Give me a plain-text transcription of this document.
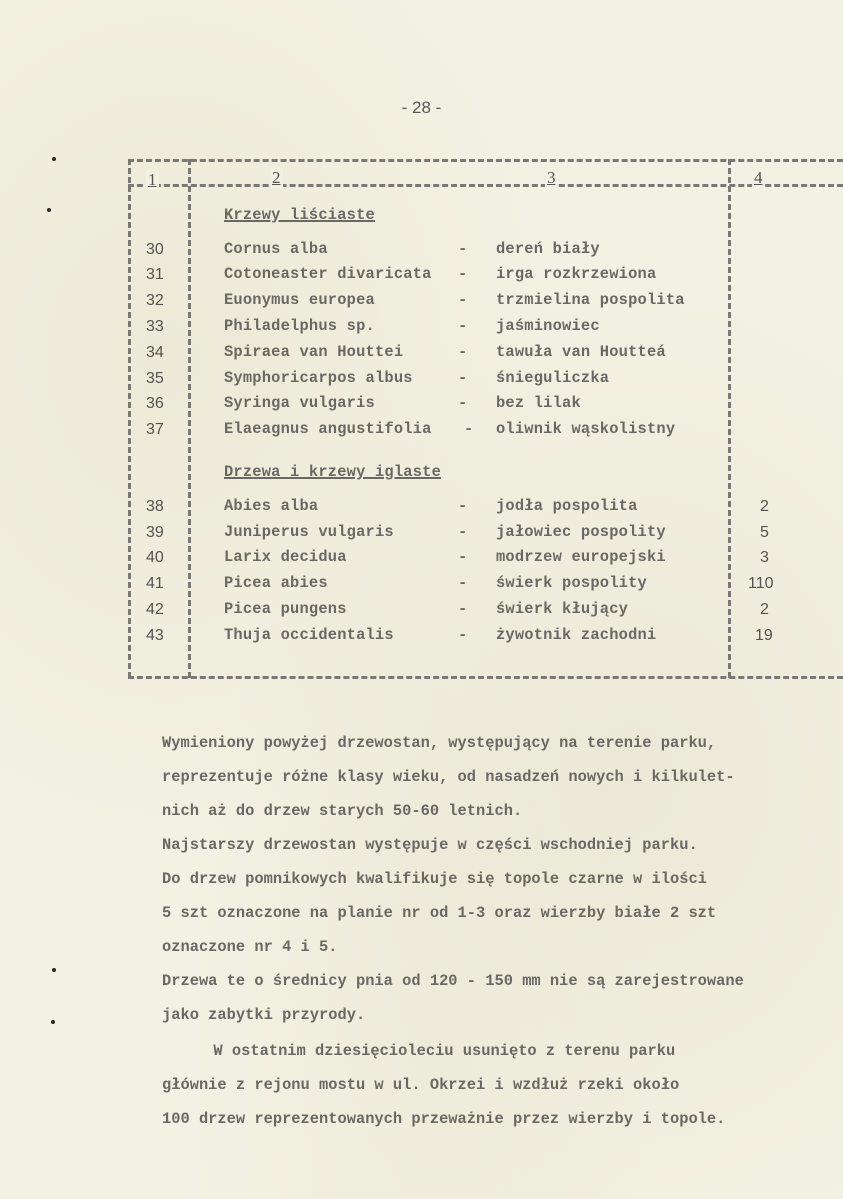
- 28 -
1	2	3	4
Krzewy liściaste
30	Cornus alba	- dereń biały
31	Cotoneaster divaricata - irga rozkrzewiona
32	Euonymus europea	- trzmielina pospolita
33	Philadelphus sp.	- jaśminowiec
34	Spiraea van Houttei	- tawuła van Houtteá
35	Symphoricarpos albus	- śnieguliczka
36	Syringa vulgaris	- bez lilak
37	Elaeagnus angustifolia - oliwnik wąskolistny
Drzewa i krzewy iglaste
38	Abies alba	- jodła pospolita	2
39	Juniperus vulgaris	- jałowiec pospolity	5
40	Larix decidua	- modrzew europejski	3
41	Picea abies	- świerk pospolity	110
42	Picea pungens	- świerk kłujący	2
43	Thuja occidentalis	- żywotnik zachodni	19
Wymieniony powyżej drzewostan, występujący na terenie parku,
reprezentuje różne klasy wieku, od nasadzeń nowych i kilkulet-
nich aż do drzew starych 50-60 letnich.
Najstarszy drzewostan występuje w części wschodniej parku.
Do drzew pomnikowych kwalifikuje się topole czarne w ilości
5 szt oznaczone na planie nr od 1-3 oraz wierzby białe 2 szt
oznaczone nr 4 i 5.
Drzewa te o średnicy pnia od 120 - 150 mm nie są zarejestrowane
jako zabytki przyrody.
W ostatnim dziesięcioleciu usunięto z terenu parku
głównie z rejonu mostu w ul. Okrzei i wzdłuż rzeki około
100 drzew reprezentowanych przeważnie przez wierzby i topole.
